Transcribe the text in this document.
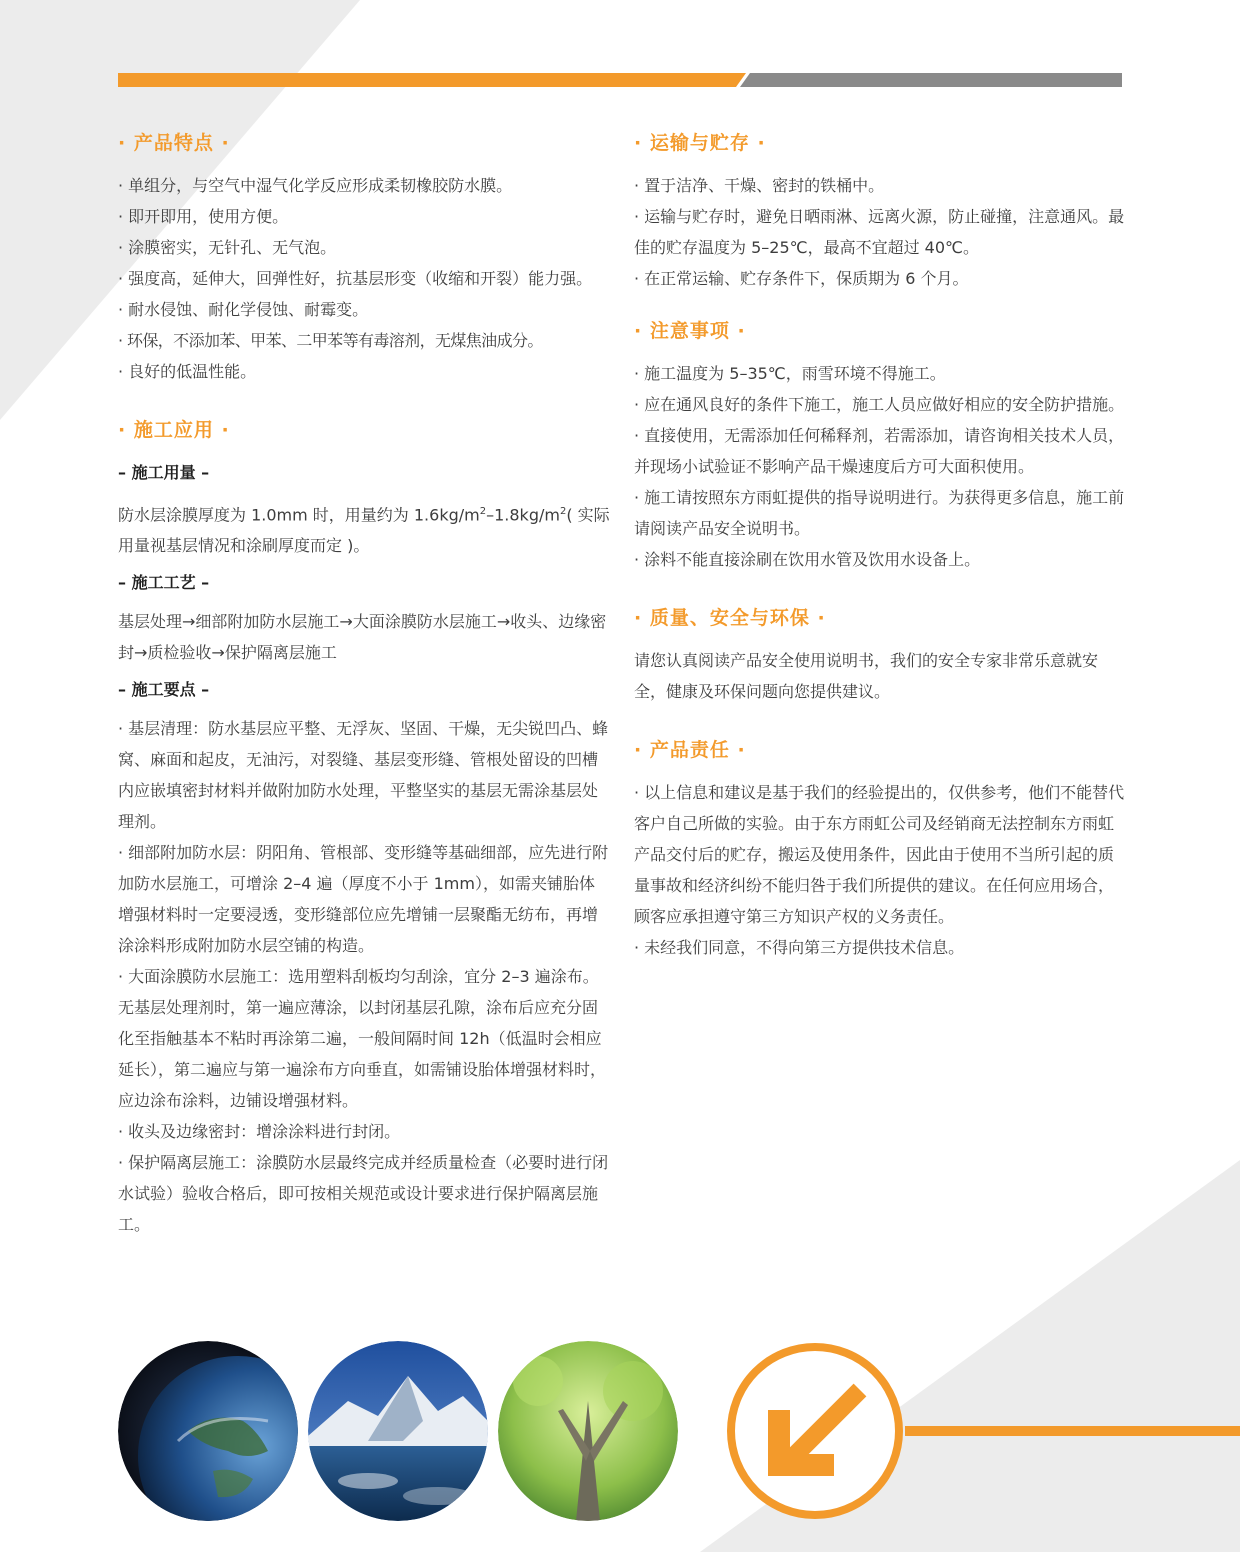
· 产品特点 ·

· 单组分，与空气中湿气化学反应形成柔韧橡胶防水膜。

· 即开即用，使用方便。

· 涂膜密实，无针孔、无气泡。

· 强度高，延伸大，回弹性好，抗基层形变（收缩和开裂）能力强。

· 耐水侵蚀、耐化学侵蚀、耐霉变。

· 环保，不添加苯、甲苯、二甲苯等有毒溶剂，无煤焦油成分。

· 良好的低温性能。

· 施工应用 ·
– 施工用量 –

防水层涂膜厚度为 1.0mm 时，用量约为 $1.6kg/m^2-1.8kg/m^2$( 实际用量视基层情况和涂刷厚度而定 )。

– 施工工艺 –

基层处理→细部附加防水层施工→大面涂膜防水层施工→收头、边缘密封→质检验收→保护隔离层施工

– 施工要点 –

· 基层清理：防水基层应平整、无浮灰、坚固、干燥，无尖锐凹凸、蜂窝、麻面和起皮，无油污，对裂缝、基层变形缝、管根处留设的凹槽内应嵌填密封材料并做附加防水处理，平整坚实的基层无需涂基层处理剂。

· 细部附加防水层：阴阳角、管根部、变形缝等基础细部，应先进行附加防水层施工，可增涂 2–4 遍（厚度不小于 1mm），如需夹铺胎体增强材料时一定要浸透，变形缝部位应先增铺一层聚酯无纺布，再增涂涂料形成附加防水层空铺的构造。

· 大面涂膜防水层施工：选用塑料刮板均匀刮涂，宜分 2–3 遍涂布。无基层处理剂时，第一遍应薄涂，以封闭基层孔隙，涂布后应充分固化至指触基本不粘时再涂第二遍，一般间隔时间 12h（低温时会相应延长），第二遍应与第一遍涂布方向垂直，如需铺设胎体增强材料时，应边涂布涂料，边铺设增强材料。

· 收头及边缘密封：增涂涂料进行封闭。

· 保护隔离层施工：涂膜防水层最终完成并经质量检查（必要时进行闭水试验）验收合格后，即可按相关规范或设计要求进行保护隔离层施工。

· 运输与贮存 ·

· 置于洁净、干燥、密封的铁桶中。

· 运输与贮存时，避免日晒雨淋、远离火源，防止碰撞，注意通风。最佳的贮存温度为 5–25℃，最高不宜超过 40℃。

· 在正常运输、贮存条件下，保质期为 6 个月。

· 注意事项 ·

· 施工温度为 5–35℃，雨雪环境不得施工。

· 应在通风良好的条件下施工，施工人员应做好相应的安全防护措施。

· 直接使用，无需添加任何稀释剂，若需添加，请咨询相关技术人员，并现场小试验证不影响产品干燥速度后方可大面积使用。

· 施工请按照东方雨虹提供的指导说明进行。为获得更多信息，施工前请阅读产品安全说明书。

· 涂料不能直接涂刷在饮用水管及饮用水设备上。

· 质量、安全与环保 ·

请您认真阅读产品安全使用说明书，我们的安全专家非常乐意就安全，健康及环保问题向您提供建议。

· 产品责任 ·

· 以上信息和建议是基于我们的经验提出的，仅供参考，他们不能替代客户自己所做的实验。由于东方雨虹公司及经销商无法控制东方雨虹产品交付后的贮存，搬运及使用条件，因此由于使用不当所引起的质量事故和经济纠纷不能归咎于我们所提供的建议。在任何应用场合，顾客应承担遵守第三方知识产权的义务责任。

· 未经我们同意，不得向第三方提供技术信息。
